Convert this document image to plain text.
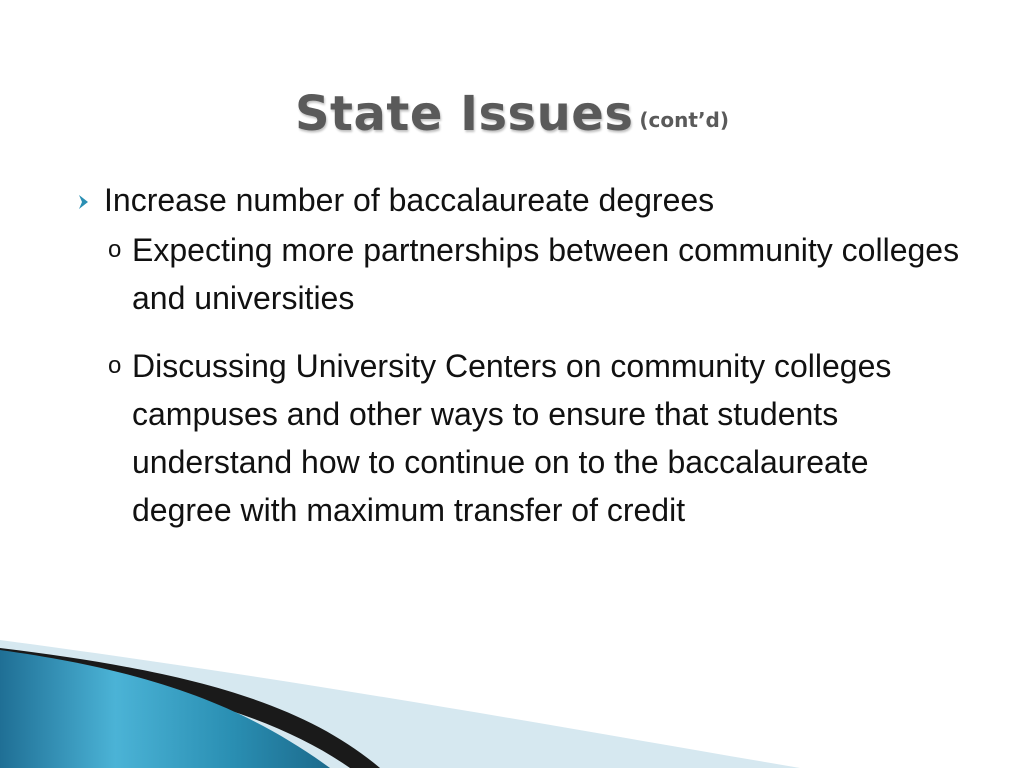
State Issues (cont’d)
Increase number of baccalaureate degrees
o Expecting more partnerships between community colleges and universities
o Discussing University Centers on community colleges campuses and other ways to ensure that students understand how to continue on to the baccalaureate degree with maximum transfer of credit
